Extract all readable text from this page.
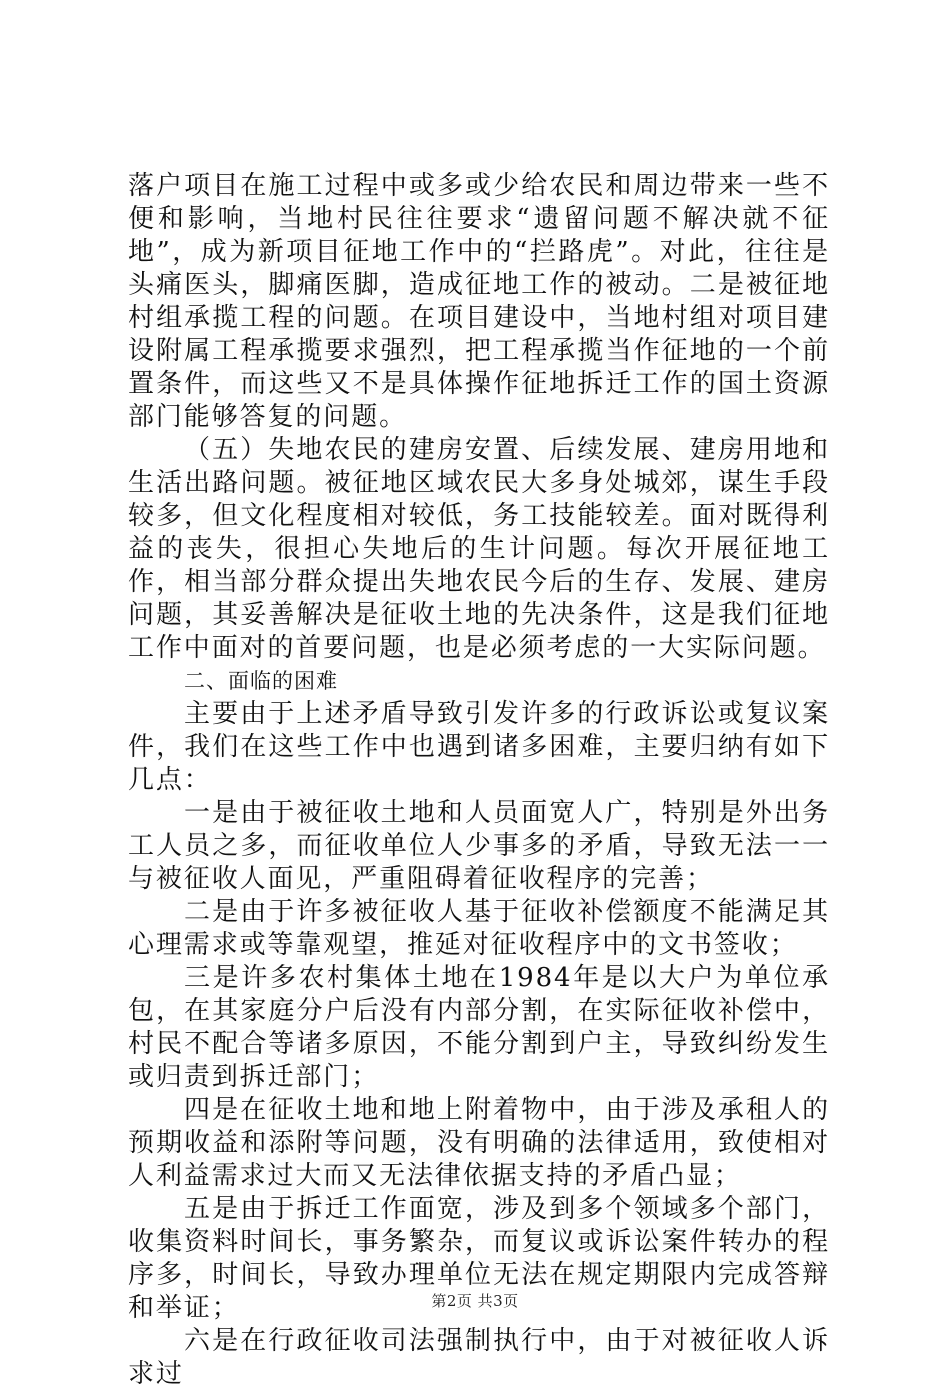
落户项目在施工过程中或多或少给农民和周边带来一些不便和影响，当地村民往往要求“遗留问题不解决就不征地”，成为新项目征地工作中的“拦路虎”。对此，往往是头痛医头，脚痛医脚，造成征地工作的被动。二是被征地村组承揽工程的问题。在项目建设中，当地村组对项目建设附属工程承揽要求强烈，把工程承揽当作征地的一个前置条件，而这些又不是具体操作征地拆迁工作的国土资源部门能够答复的问题。

（五）失地农民的建房安置、后续发展、建房用地和生活出路问题。被征地区域农民大多身处城郊，谋生手段较多，但文化程度相对较低，务工技能较差。面对既得利益的丧失，很担心失地后的生计问题。每次开展征地工作，相当部分群众提出失地农民今后的生存、发展、建房问题，其妥善解决是征收土地的先决条件，这是我们征地工作中面对的首要问题，也是必须考虑的一大实际问题。

二、面临的困难

主要由于上述矛盾导致引发许多的行政诉讼或复议案件，我们在这些工作中也遇到诸多困难，主要归纳有如下几点：

一是由于被征收土地和人员面宽人广，特别是外出务工人员之多，而征收单位人少事多的矛盾，导致无法一一与被征收人面见，严重阻碍着征收程序的完善；

二是由于许多被征收人基于征收补偿额度不能满足其心理需求或等靠观望，推延对征收程序中的文书签收；

三是许多农村集体土地在1984年是以大户为单位承包，在其家庭分户后没有内部分割，在实际征收补偿中，村民不配合等诸多原因，不能分割到户主，导致纠纷发生或归责到拆迁部门；

四是在征收土地和地上附着物中，由于涉及承租人的预期收益和添附等问题，没有明确的法律适用，致使相对人利益需求过大而又无法律依据支持的矛盾凸显；

五是由于拆迁工作面宽，涉及到多个领域多个部门，收集资料时间长，事务繁杂，而复议或诉讼案件转办的程序多，时间长，导致办理单位无法在规定期限内完成答辩和举证；

六是在行政征收司法强制执行中，由于对被征收人诉求过

第2页 共3页
